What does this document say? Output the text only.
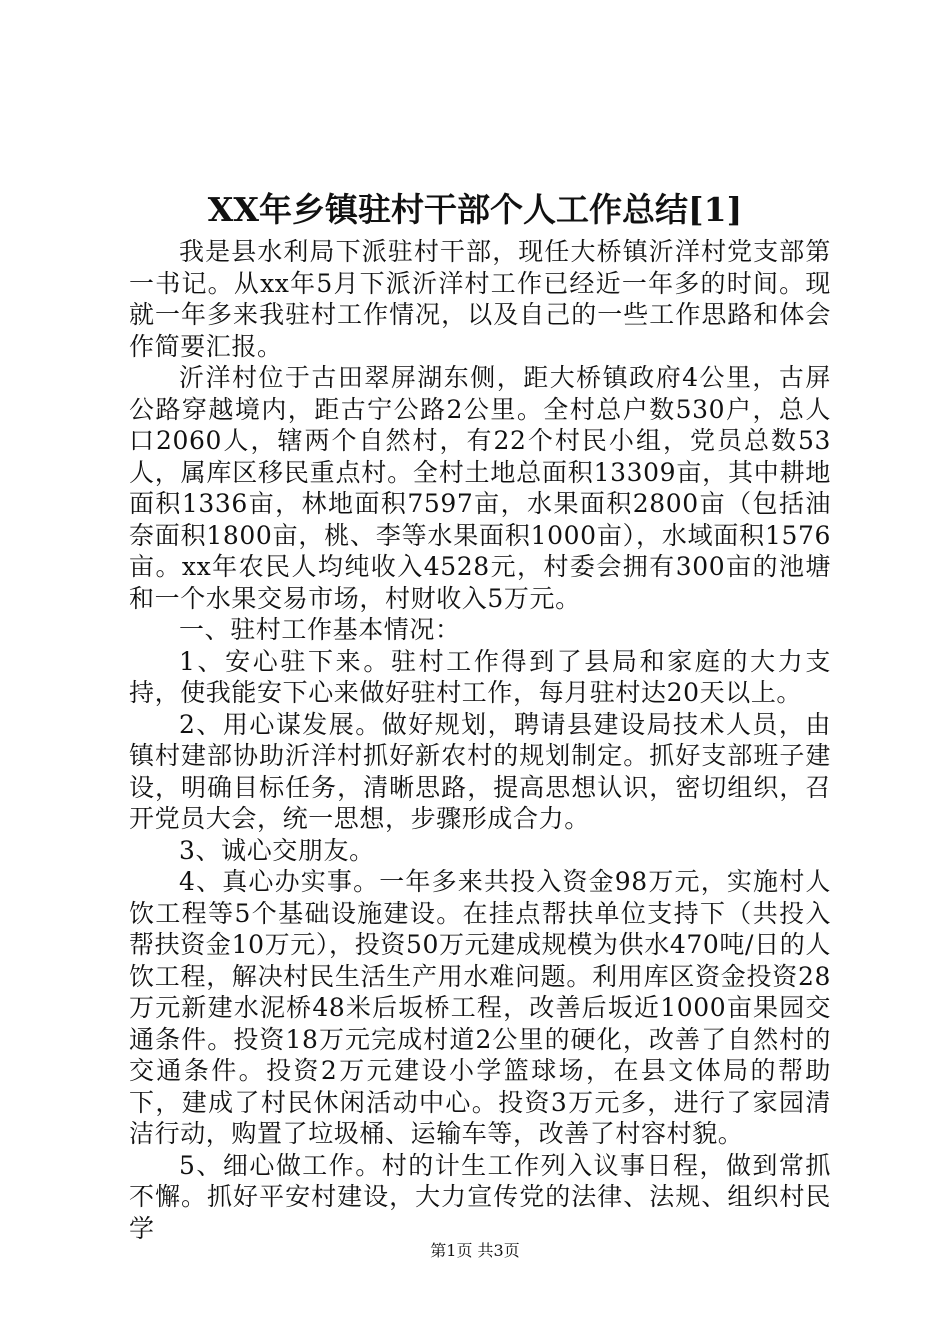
XX年乡镇驻村干部个人工作总结[1]

我是县水利局下派驻村干部，现任大桥镇沂洋村党支部第一书记。从xx年5月下派沂洋村工作已经近一年多的时间。现就一年多来我驻村工作情况，以及自己的一些工作思路和体会作简要汇报。

沂洋村位于古田翠屏湖东侧，距大桥镇政府4公里，古屏公路穿越境内，距古宁公路2公里。全村总户数530户，总人口2060人，辖两个自然村，有22个村民小组，党员总数53人，属库区移民重点村。全村土地总面积13309亩，其中耕地面积1336亩，林地面积7597亩，水果面积2800亩（包括油奈面积1800亩，桃、李等水果面积1000亩），水域面积1576亩。xx年农民人均纯收入4528元，村委会拥有300亩的池塘和一个水果交易市场，村财收入5万元。

一、驻村工作基本情况：

1、安心驻下来。驻村工作得到了县局和家庭的大力支持，使我能安下心来做好驻村工作，每月驻村达20天以上。

2、用心谋发展。做好规划，聘请县建设局技术人员，由镇村建部协助沂洋村抓好新农村的规划制定。抓好支部班子建设，明确目标任务，清晰思路，提高思想认识，密切组织，召开党员大会，统一思想，步骤形成合力。

3、诚心交朋友。

4、真心办实事。一年多来共投入资金98万元，实施村人饮工程等5个基础设施建设。在挂点帮扶单位支持下（共投入帮扶资金10万元），投资50万元建成规模为供水470吨/日的人饮工程，解决村民生活生产用水难问题。利用库区资金投资28万元新建水泥桥48米后坂桥工程，改善后坂近1000亩果园交通条件。投资18万元完成村道2公里的硬化，改善了自然村的交通条件。投资2万元建设小学篮球场，在县文体局的帮助下，建成了村民休闲活动中心。投资3万元多，进行了家园清洁行动，购置了垃圾桶、运输车等，改善了村容村貌。

5、细心做工作。村的计生工作列入议事日程，做到常抓不懈。抓好平安村建设，大力宣传党的法律、法规、组织村民学

第1页 共3页
